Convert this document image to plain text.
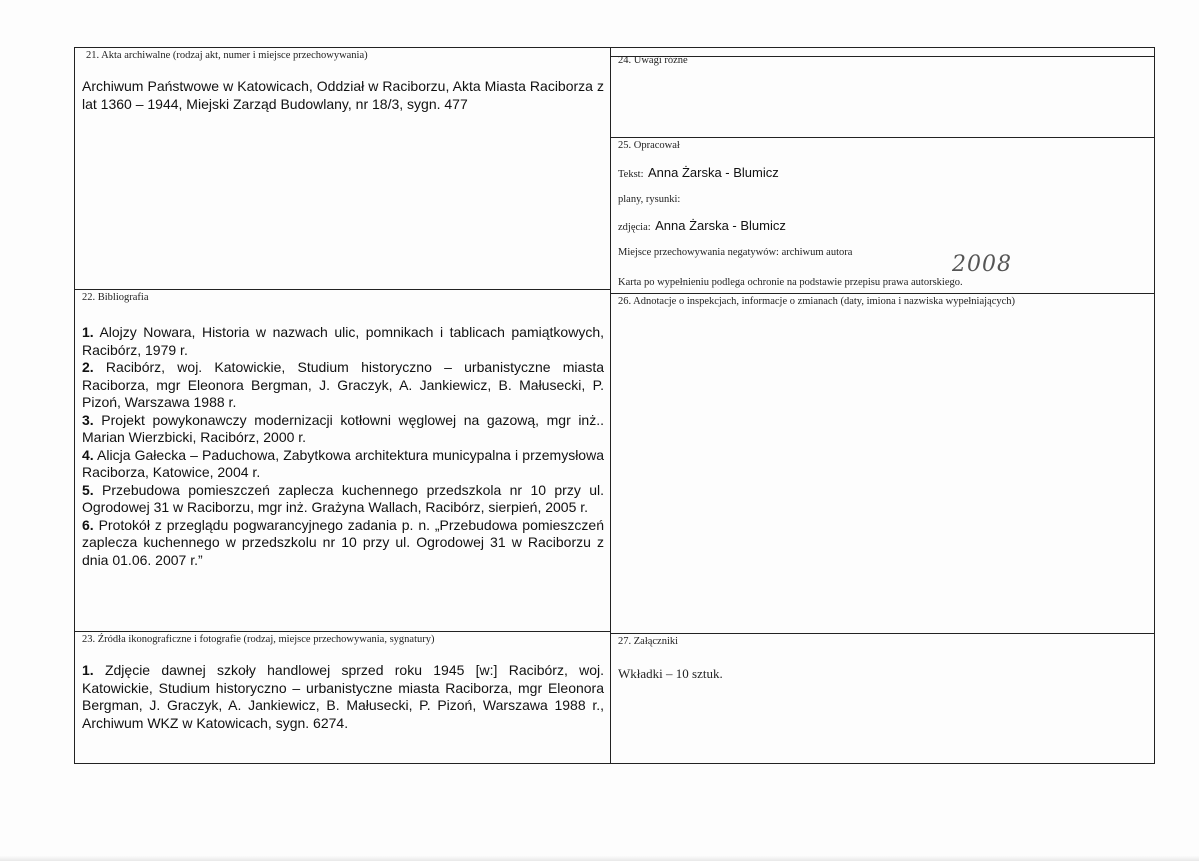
21. Akta archiwalne (rodzaj akt, numer i miejsce przechowywania)
Archiwum Państwowe w Katowicach, Oddział w Raciborzu, Akta Miasta Raciborza z lat 1360 – 1944, Miejski Zarząd Budowlany, nr 18/3, sygn. 477
22. Bibliografia
1. Alojzy Nowara, Historia w nazwach ulic, pomnikach i tablicach pamiątkowych, Racibórz, 1979 r.
2. Racibórz, woj. Katowickie, Studium historyczno – urbanistyczne miasta Raciborza, mgr Eleonora Bergman, J. Graczyk, A. Jankiewicz, B. Małusecki, P. Pizoń, Warszawa 1988 r.
3. Projekt powykonawczy modernizacji kotłowni węglowej na gazową, mgr inż.. Marian Wierzbicki, Racibórz, 2000 r.
4. Alicja Gałecka – Paduchowa, Zabytkowa architektura municypalna i przemysłowa Raciborza, Katowice, 2004 r.
5. Przebudowa pomieszczeń zaplecza kuchennego przedszkola nr 10 przy ul. Ogrodowej 31 w Raciborzu, mgr inż. Grażyna Wallach, Racibórz, sierpień, 2005 r.
6. Protokół z przeglądu pogwarancyjnego zadania p. n. „Przebudowa pomieszczeń zaplecza kuchennego w przedszkolu nr 10 przy ul. Ogrodowej 31 w Raciborzu z dnia 01.06. 2007 r.”
23. Źródła ikonograficzne i fotografie (rodzaj, miejsce przechowywania, sygnatury)
1. Zdjęcie dawnej szkoły handlowej sprzed roku 1945 [w:] Racibórz, woj. Katowickie, Studium historyczno – urbanistyczne miasta Raciborza, mgr Eleonora Bergman, J. Graczyk, A. Jankiewicz, B. Małusecki, P. Pizoń, Warszawa 1988 r., Archiwum WKZ w Katowicach, sygn. 6274.
24. Uwagi różne
25. Opracował
Tekst: Anna Żarska - Blumicz
plany, rysunki:
zdjęcia: Anna Żarska - Blumicz
Miejsce przechowywania negatywów: archiwum autora
Karta po wypełnieniu podlega ochronie na podstawie przepisu prawa autorskiego.
2008
26. Adnotacje o inspekcjach, informacje o zmianach (daty, imiona i nazwiska wypełniających)
27. Załączniki
Wkładki – 10 sztuk.
